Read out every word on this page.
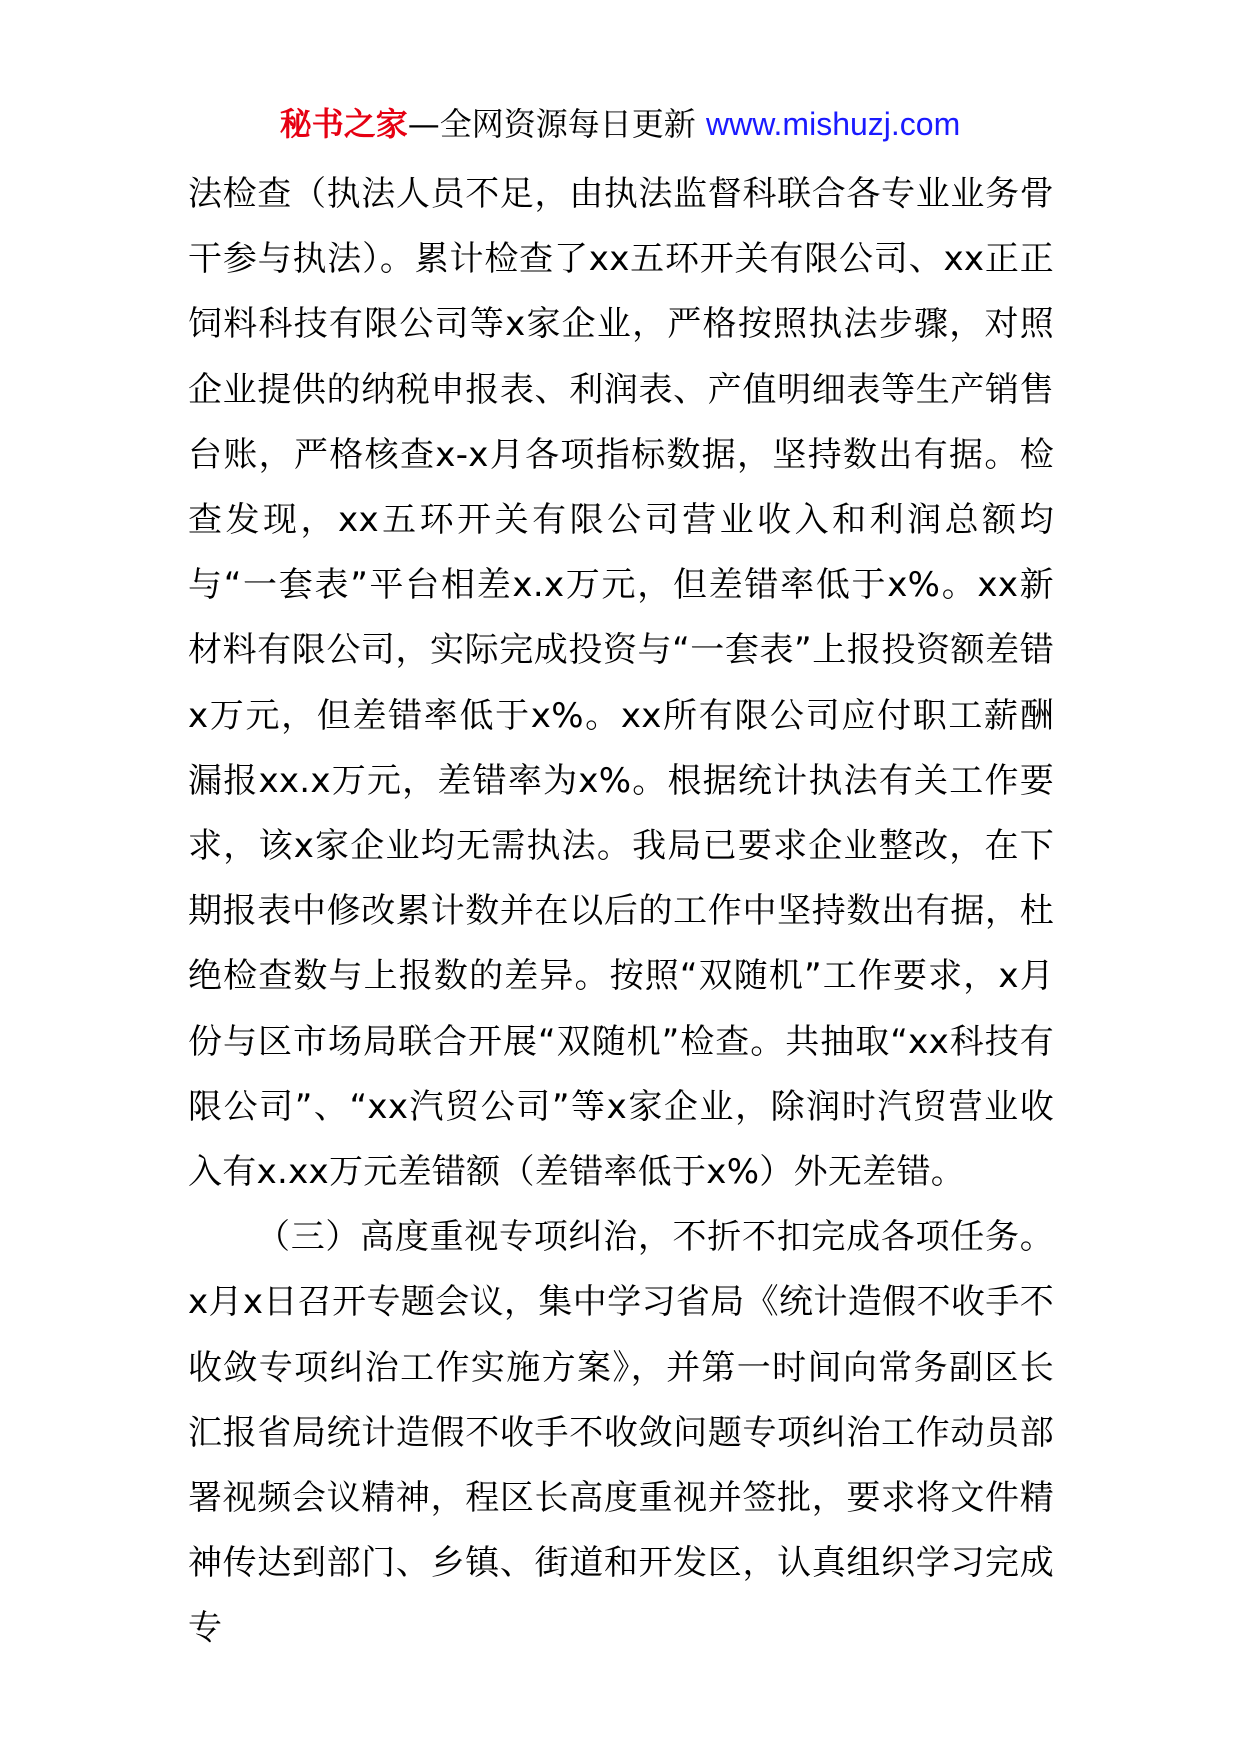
秘书之家—全网资源每日更新 www.mishuzj.com

法检查（执法人员不足，由执法监督科联合各专业业务骨干参与执法）。累计检查了xx五环开关有限公司、xx正正饲料科技有限公司等x家企业，严格按照执法步骤，对照企业提供的纳税申报表、利润表、产值明细表等生产销售台账，严格核查x-x月各项指标数据，坚持数出有据。检查发现，xx五环开关有限公司营业收入和利润总额均与“一套表”平台相差x.x万元，但差错率低于x%。xx新材料有限公司，实际完成投资与“一套表”上报投资额差错x万元，但差错率低于x%。xx所有限公司应付职工薪酬漏报xx.x万元，差错率为x%。根据统计执法有关工作要求，该x家企业均无需执法。我局已要求企业整改，在下期报表中修改累计数并在以后的工作中坚持数出有据，杜绝检查数与上报数的差异。按照“双随机”工作要求，x月份与区市场局联合开展“双随机”检查。共抽取“xx科技有限公司”、“xx汽贸公司”等x家企业，除润时汽贸营业收入有x.xx万元差错额（差错率低于x%）外无差错。

（三）高度重视专项纠治，不折不扣完成各项任务。x月x日召开专题会议，集中学习省局《统计造假不收手不收敛专项纠治工作实施方案》，并第一时间向常务副区长汇报省局统计造假不收手不收敛问题专项纠治工作动员部署视频会议精神，程区长高度重视并签批，要求将文件精神传达到部门、乡镇、街道和开发区，认真组织学习完成专
